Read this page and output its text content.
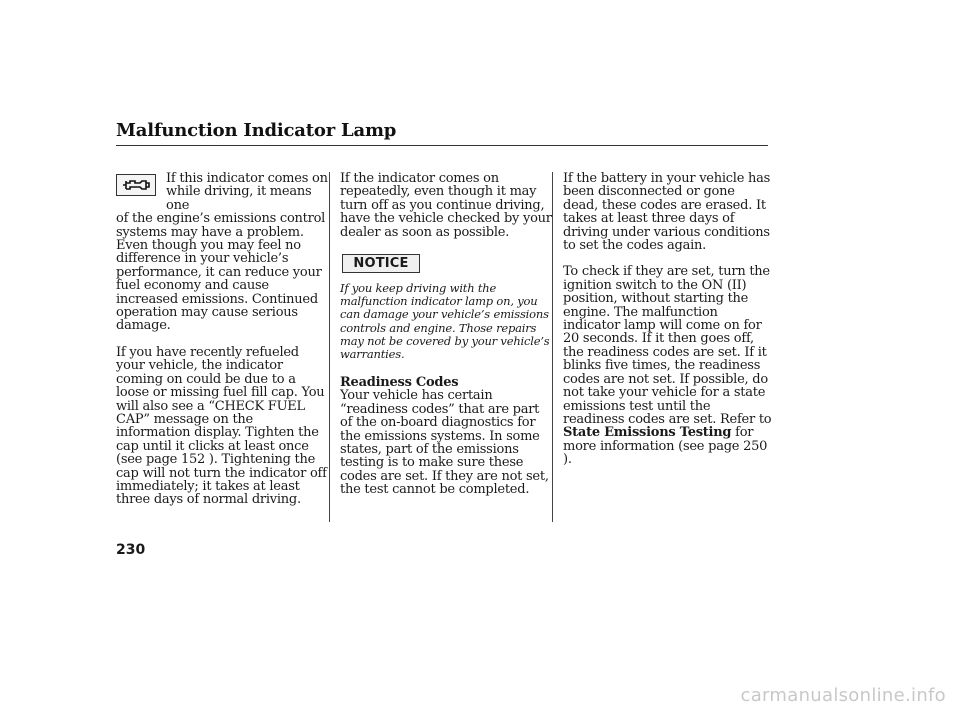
Malfunction Indicator Lamp

If this indicator comes on while driving, it means one
of the engine’s emissions control systems may have a problem. Even though you may feel no difference in your vehicle’s performance, it can reduce your fuel economy and cause increased emissions. Continued operation may cause serious damage.

If you have recently refueled your vehicle, the indicator coming on could be due to a loose or missing fuel fill cap. You will also see a “CHECK FUEL CAP” message on the information display. Tighten the cap until it clicks at least once (see page 152 ). Tightening the cap will not turn the indicator off immediately; it takes at least three days of normal driving.

If the indicator comes on repeatedly, even though it may turn off as you continue driving, have the vehicle checked by your dealer as soon as possible.

NOTICE
If you keep driving with the malfunction indicator lamp on, you can damage your vehicle’s emissions controls and engine. Those repairs may not be covered by your vehicle’s warranties.

Readiness Codes

Your vehicle has certain “readiness codes” that are part of the on-board diagnostics for the emissions systems. In some states, part of the emissions testing is to make sure these codes are set. If they are not set, the test cannot be completed.

If the battery in your vehicle has been disconnected or gone dead, these codes are erased. It takes at least three days of driving under various conditions to set the codes again.

To check if they are set, turn the ignition switch to the ON (II) position, without starting the engine. The malfunction indicator lamp will come on for 20 seconds. If it then goes off, the readiness codes are set. If it blinks five times, the readiness codes are not set. If possible, do not take your vehicle for a state emissions test until the readiness codes are set. Refer to State Emissions Testing for more information (see page 250 ).

230
carmanualsonline.info
